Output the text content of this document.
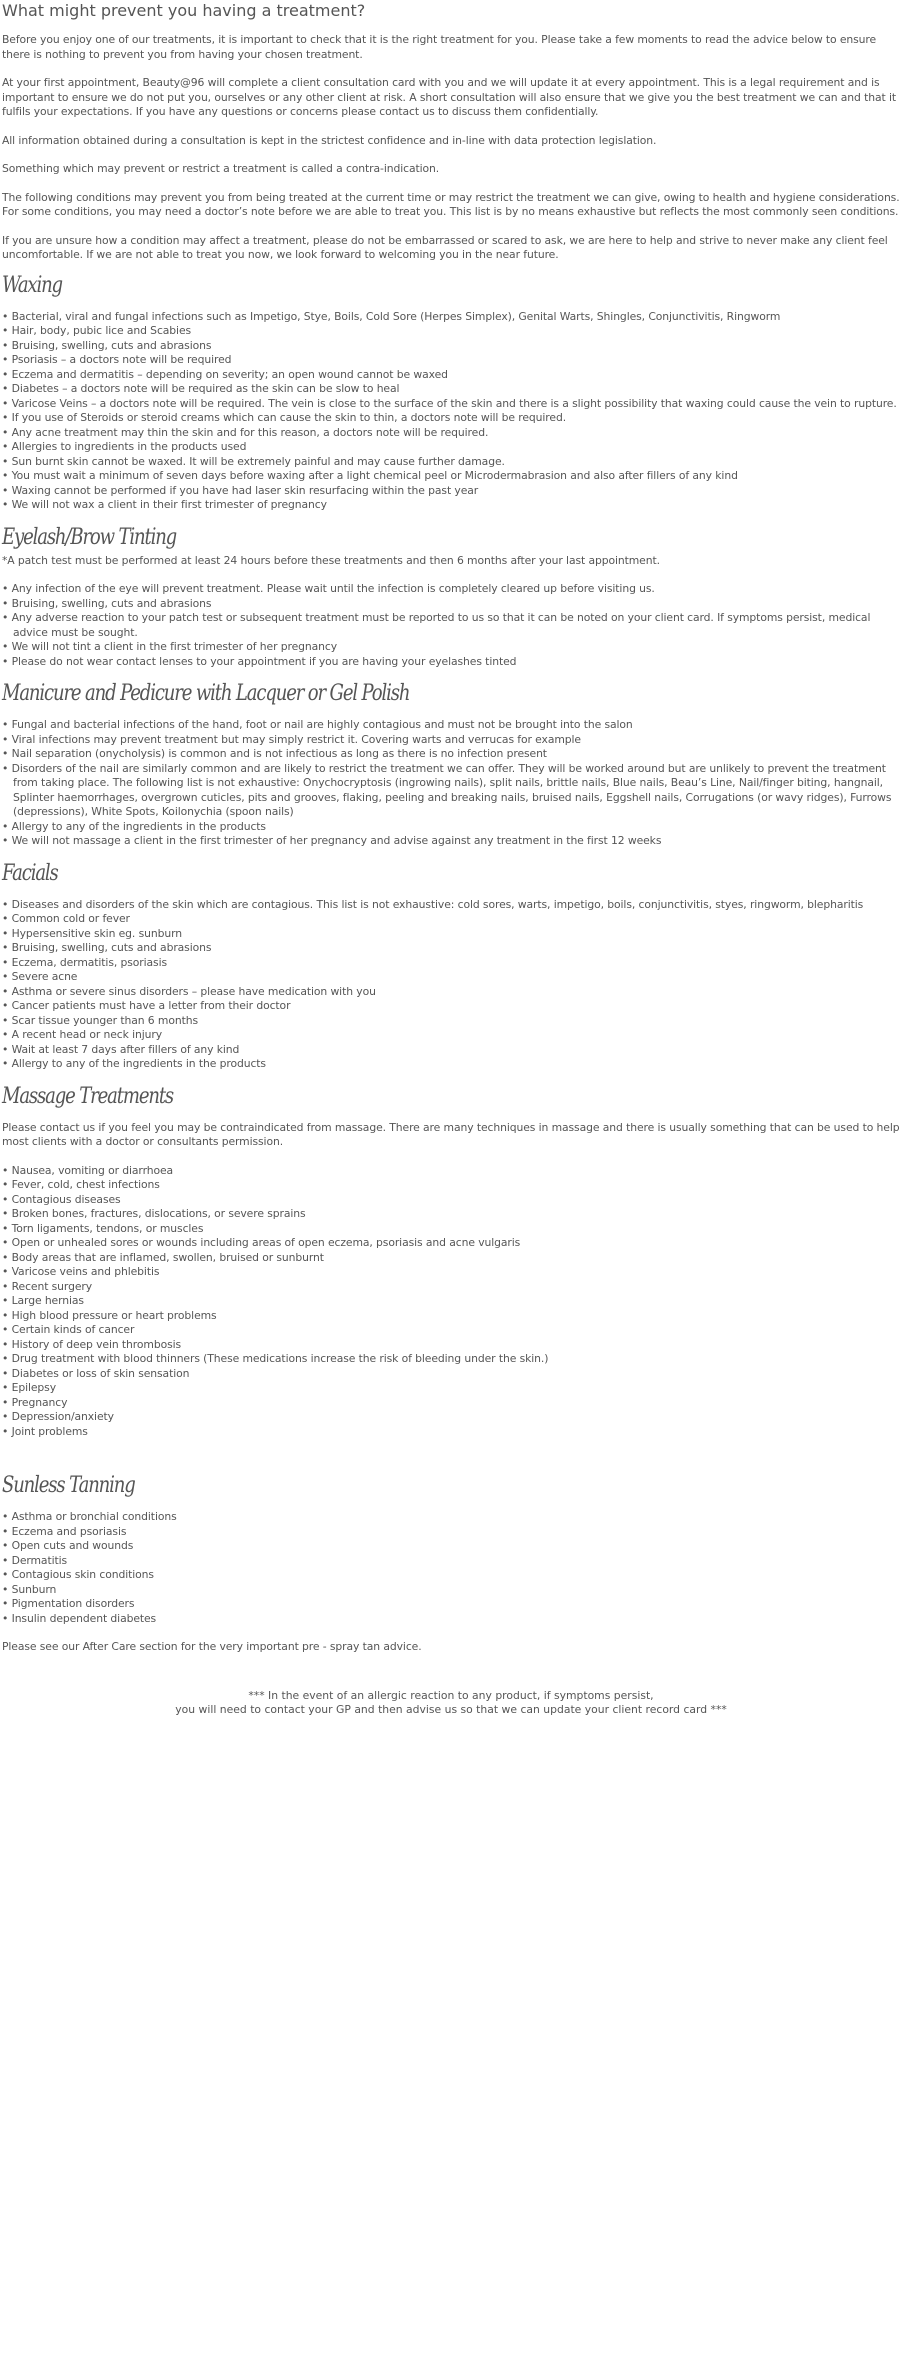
What might prevent you having a treatment?

Before you enjoy one of our treatments, it is important to check that it is the right treatment for you. Please take a few moments to read the advice below to ensure there is nothing to prevent you from having your chosen treatment.

At your first appointment, Beauty@96 will complete a client consultation card with you and we will update it at every appointment. This is a legal requirement and is important to ensure we do not put you, ourselves or any other client at risk. A short consultation will also ensure that we give you the best treatment we can and that it fulfils your expectations. If you have any questions or concerns please contact us to discuss them confidentially.

All information obtained during a consultation is kept in the strictest confidence and in-line with data protection legislation.

Something which may prevent or restrict a treatment is called a contra-indication.

The following conditions may prevent you from being treated at the current time or may restrict the treatment we can give, owing to health and hygiene considerations. For some conditions, you may need a doctor’s note before we are able to treat you. This list is by no means exhaustive but reflects the most commonly seen conditions.

If you are unsure how a condition may affect a treatment, please do not be embarrassed or scared to ask, we are here to help and strive to never make any client feel uncomfortable. If we are not able to treat you now, we look forward to welcoming you in the near future.

Waxing
• Bacterial, viral and fungal infections such as Impetigo, Stye, Boils, Cold Sore (Herpes Simplex), Genital Warts, Shingles, Conjunctivitis, Ringworm
• Hair, body, pubic lice and Scabies
• Bruising, swelling, cuts and abrasions
• Psoriasis – a doctors note will be required
• Eczema and dermatitis – depending on severity; an open wound cannot be waxed
• Diabetes – a doctors note will be required as the skin can be slow to heal
• Varicose Veins – a doctors note will be required. The vein is close to the surface of the skin and there is a slight possibility that waxing could cause the vein to rupture.
• If you use of Steroids or steroid creams which can cause the skin to thin, a doctors note will be required.
• Any acne treatment may thin the skin and for this reason, a doctors note will be required.
• Allergies to ingredients in the products used
• Sun burnt skin cannot be waxed. It will be extremely painful and may cause further damage.
• You must wait a minimum of seven days before waxing after a light chemical peel or Microdermabrasion and also after fillers of any kind
• Waxing cannot be performed if you have had laser skin resurfacing within the past year
• We will not wax a client in their first trimester of pregnancy
Eyelash/Brow Tinting

*A patch test must be performed at least 24 hours before these treatments and then 6 months after your last appointment.

• Any infection of the eye will prevent treatment. Please wait until the infection is completely cleared up before visiting us.
• Bruising, swelling, cuts and abrasions
• Any adverse reaction to your patch test or subsequent treatment must be reported to us so that it can be noted on your client card. If symptoms persist, medical advice must be sought.
• We will not tint a client in the first trimester of her pregnancy
• Please do not wear contact lenses to your appointment if you are having your eyelashes tinted
Manicure and Pedicure with Lacquer or Gel Polish
• Fungal and bacterial infections of the hand, foot or nail are highly contagious and must not be brought into the salon
• Viral infections may prevent treatment but may simply restrict it. Covering warts and verrucas for example
• Nail separation (onycholysis) is common and is not infectious as long as there is no infection present
• Disorders of the nail are similarly common and are likely to restrict the treatment we can offer. They will be worked around but are unlikely to prevent the treatment from taking place. The following list is not exhaustive: Onychocryptosis (ingrowing nails), split nails, brittle nails, Blue nails, Beau’s Line, Nail/finger biting, hangnail, Splinter haemorrhages, overgrown cuticles, pits and grooves, flaking, peeling and breaking nails, bruised nails, Eggshell nails, Corrugations (or wavy ridges), Furrows (depressions), White Spots, Koilonychia (spoon nails)
• Allergy to any of the ingredients in the products
• We will not massage a client in the first trimester of her pregnancy and advise against any treatment in the first 12 weeks
Facials
• Diseases and disorders of the skin which are contagious. This list is not exhaustive: cold sores, warts, impetigo, boils, conjunctivitis, styes, ringworm, blepharitis
• Common cold or fever
• Hypersensitive skin eg. sunburn
• Bruising, swelling, cuts and abrasions
• Eczema, dermatitis, psoriasis
• Severe acne
• Asthma or severe sinus disorders – please have medication with you
• Cancer patients must have a letter from their doctor
• Scar tissue younger than 6 months
• A recent head or neck injury
• Wait at least 7 days after fillers of any kind
• Allergy to any of the ingredients in the products
Massage Treatments

Please contact us if you feel you may be contraindicated from massage. There are many techniques in massage and there is usually something that can be used to help most clients with a doctor or consultants permission.

• Nausea, vomiting or diarrhoea
• Fever, cold, chest infections
• Contagious diseases
• Broken bones, fractures, dislocations, or severe sprains
• Torn ligaments, tendons, or muscles
• Open or unhealed sores or wounds including areas of open eczema, psoriasis and acne vulgaris
• Body areas that are inflamed, swollen, bruised or sunburnt
• Varicose veins and phlebitis
• Recent surgery
• Large hernias
• High blood pressure or heart problems
• Certain kinds of cancer
• History of deep vein thrombosis
• Drug treatment with blood thinners (These medications increase the risk of bleeding under the skin.)
• Diabetes or loss of skin sensation
• Epilepsy
• Pregnancy
• Depression/anxiety
• Joint problems
Sunless Tanning
• Asthma or bronchial conditions
• Eczema and psoriasis
• Open cuts and wounds
• Dermatitis
• Contagious skin conditions
• Sunburn
• Pigmentation disorders
• Insulin dependent diabetes

Please see our After Care section for the very important pre - spray tan advice.

*** In the event of an allergic reaction to any product, if symptoms persist,
you will need to contact your GP and then advise us so that we can update your client record card ***
